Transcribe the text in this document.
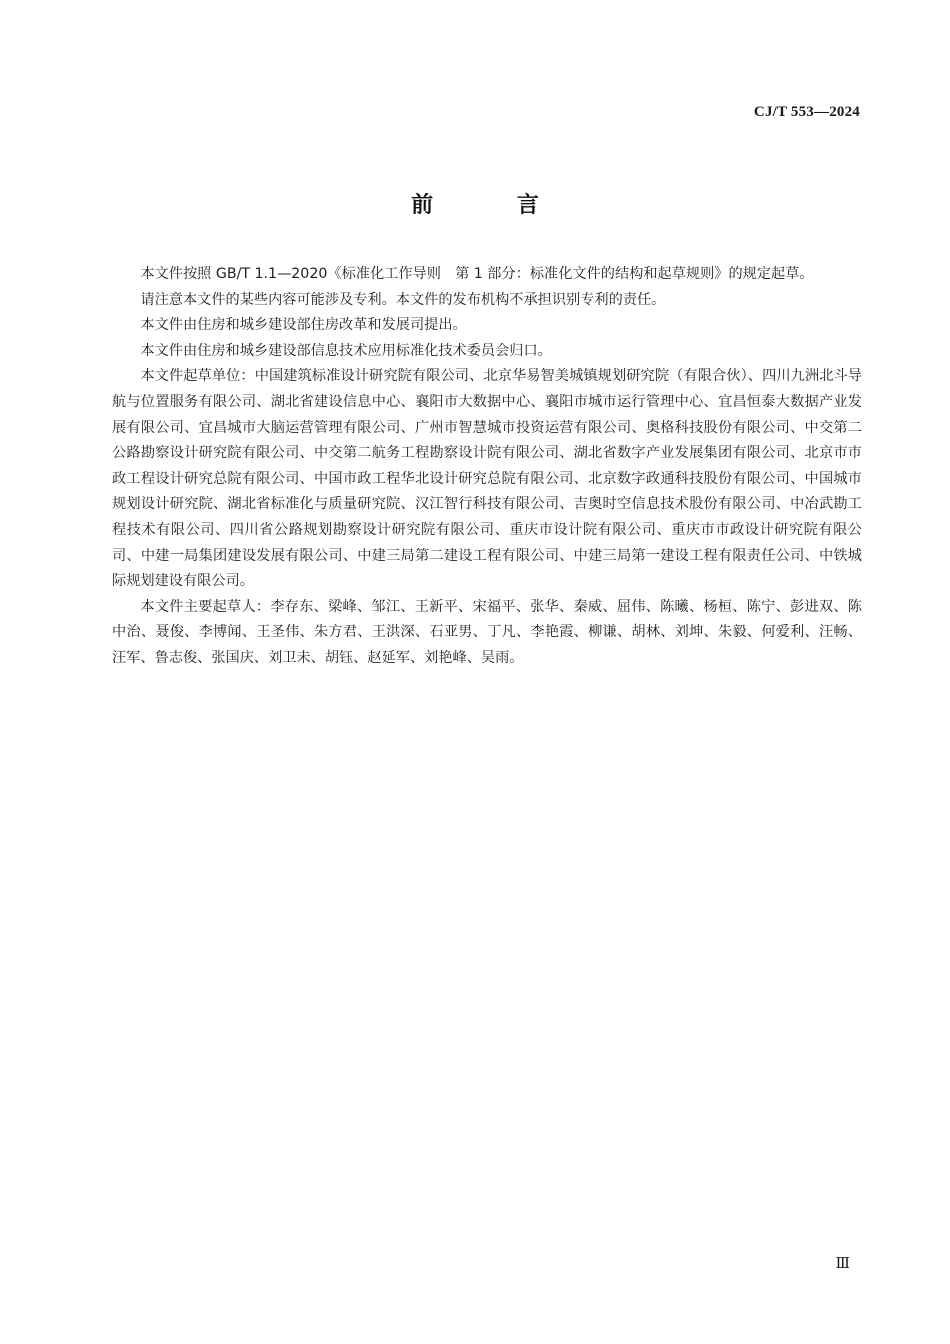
CJ/T 553—2024
前 言

本文件按照 GB/T 1.1—2020《标准化工作导则　第 1 部分：标准化文件的结构和起草规则》的规定起草。

请注意本文件的某些内容可能涉及专利。本文件的发布机构不承担识别专利的责任。

本文件由住房和城乡建设部住房改革和发展司提出。

本文件由住房和城乡建设部信息技术应用标准化技术委员会归口。

本文件起草单位：中国建筑标准设计研究院有限公司、北京华易智美城镇规划研究院（有限合伙）、四川九洲北斗导航与位置服务有限公司、湖北省建设信息中心、襄阳市大数据中心、襄阳市城市运行管理中心、宜昌恒泰大数据产业发展有限公司、宜昌城市大脑运营管理有限公司、广州市智慧城市投资运营有限公司、奥格科技股份有限公司、中交第二公路勘察设计研究院有限公司、中交第二航务工程勘察设计院有限公司、湖北省数字产业发展集团有限公司、北京市市政工程设计研究总院有限公司、中国市政工程华北设计研究总院有限公司、北京数字政通科技股份有限公司、中国城市规划设计研究院、湖北省标准化与质量研究院、汉江智行科技有限公司、吉奥时空信息技术股份有限公司、中冶武勘工程技术有限公司、四川省公路规划勘察设计研究院有限公司、重庆市设计院有限公司、重庆市市政设计研究院有限公司、中建一局集团建设发展有限公司、中建三局第二建设工程有限公司、中建三局第一建设工程有限责任公司、中铁城际规划建设有限公司。

本文件主要起草人：李存东、梁峰、邹江、王新平、宋福平、张华、秦威、屈伟、陈曦、杨桓、陈宁、彭进双、陈中治、聂俊、李博闻、王圣伟、朱方君、王洪深、石亚男、丁凡、李艳霞、柳谦、胡林、刘坤、朱毅、何爱利、汪畅、汪军、鲁志俊、张国庆、刘卫未、胡钰、赵延军、刘艳峰、吴雨。

Ⅲ
